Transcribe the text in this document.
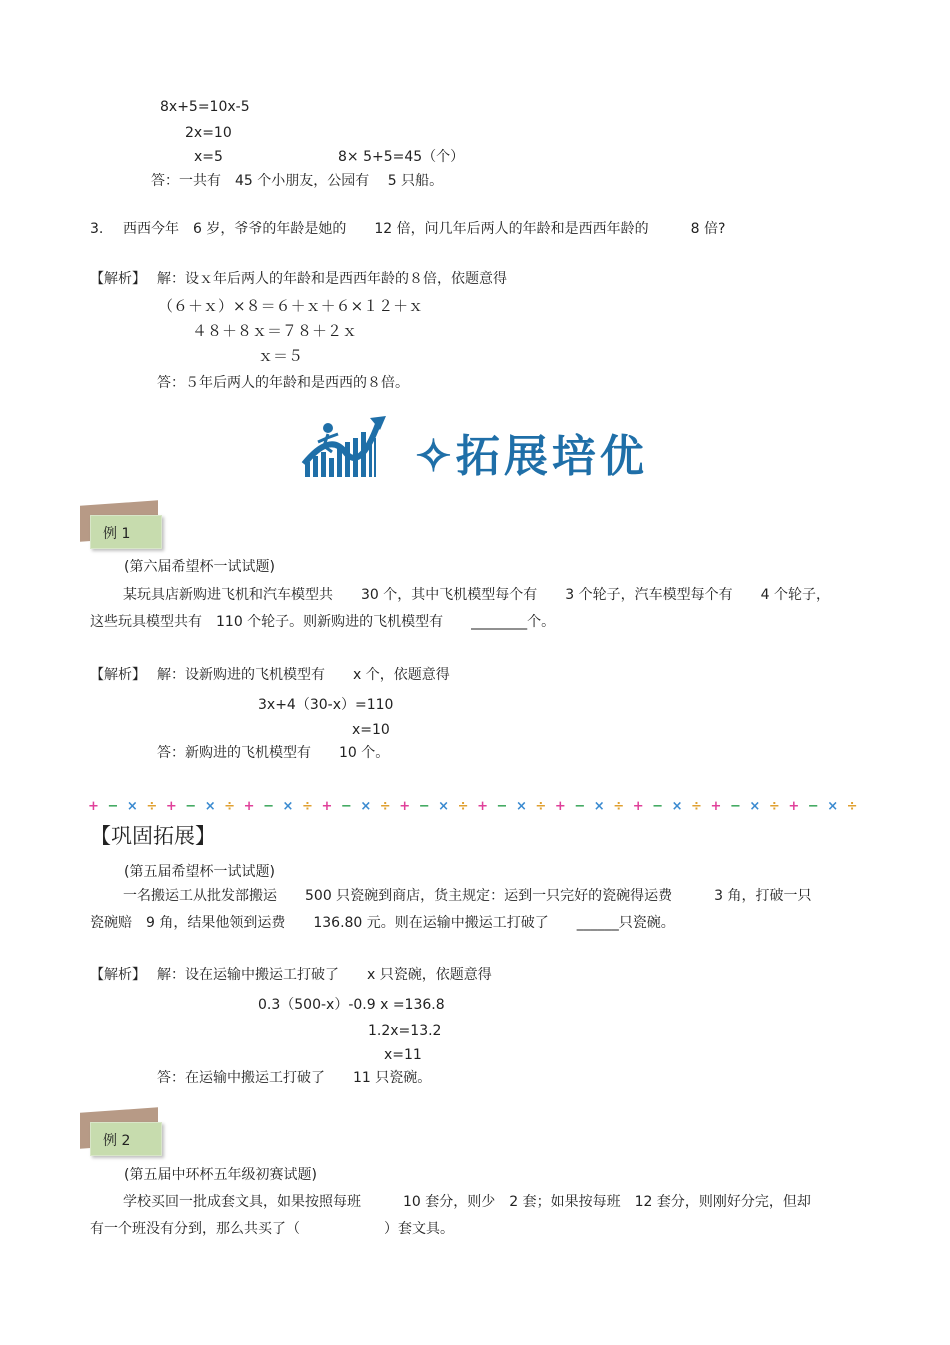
8x+5=10x-5
2x=10
x=5	8× 5+5=45（个）
答：一共有　45 个小朋友，公园有　 5 只船。
3. 西西今年　6 岁，爷爷的年龄是她的　　12 倍，问几年后两人的年龄和是西西年龄的　　　8 倍?
【解析】 解：设ｘ年后两人的年龄和是西西年龄的８倍，依题意得
（６＋ｘ）×８＝６＋ｘ＋６×１２＋ｘ
４８＋８ｘ＝７８＋２ｘ
ｘ＝５
答：５年后两人的年龄和是西西的８倍。
✧拓展培优
例 1
(第六届希望杯一试试题)
某玩具店新购进飞机和汽车模型共　　30 个，其中飞机模型每个有　　3 个轮子，汽车模型每个有　　4 个轮子，
这些玩具模型共有　110 个轮子。则新购进的飞机模型有　　________个。
【解析】 解：设新购进的飞机模型有　　x 个，依题意得
3x+4（30-x）=110
x=10
答：新购进的飞机模型有　　10 个。
+ − × ÷ + − × ÷ + − × ÷ + − × ÷ + − × ÷ + − × ÷ + − × ÷ + − × ÷ + − × ÷ + − × ÷
【巩固拓展】
(第五届希望杯一试试题)
一名搬运工从批发部搬运　　500 只瓷碗到商店，货主规定：运到一只完好的瓷碗得运费　　　3 角，打破一只
瓷碗赔　9 角，结果他领到运费　　136.80 元。则在运输中搬运工打破了　　______只瓷碗。
【解析】 解：设在运输中搬运工打破了　　x 只瓷碗，依题意得
0.3（500-x）-0.9 x =136.8
1.2x=13.2
x=11
答：在运输中搬运工打破了　　11 只瓷碗。
例 2
(第五届中环杯五年级初赛试题)
学校买回一批成套文具，如果按照每班　　　10 套分，则少　2 套；如果按每班　12 套分，则刚好分完，但却
有一个班没有分到，那么共买了（　　　　　　）套文具。
